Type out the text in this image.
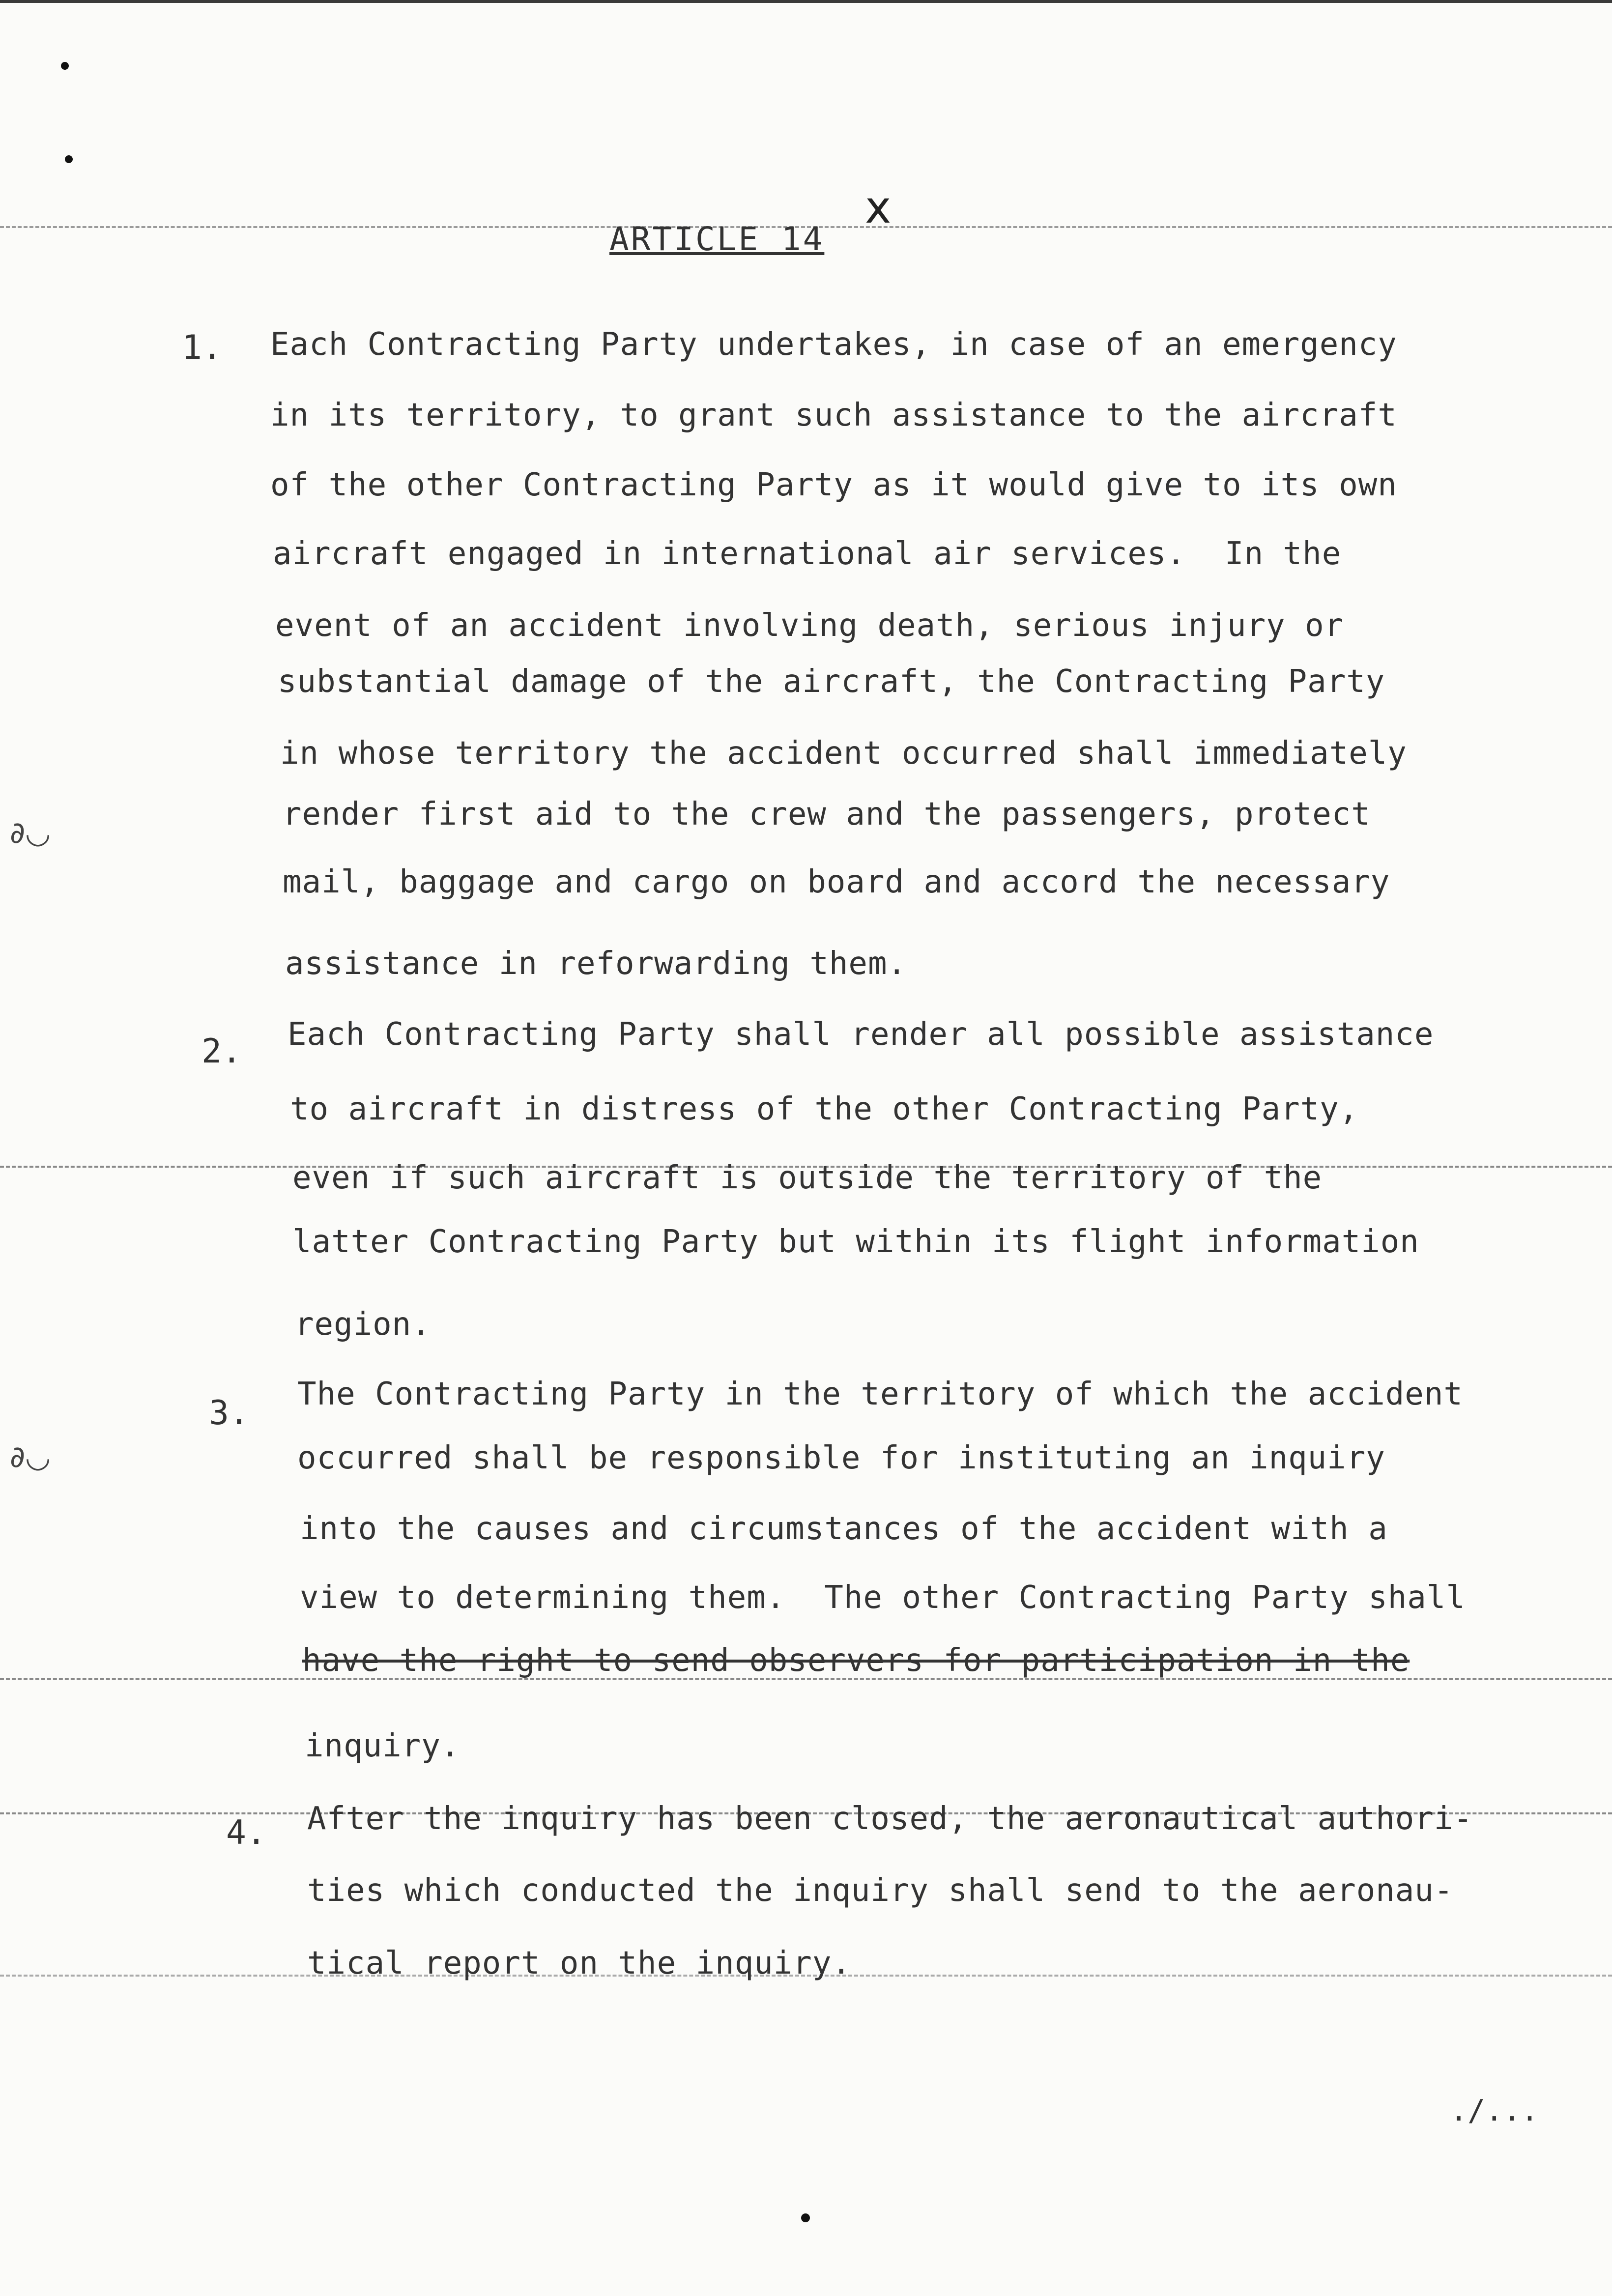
ARTICLE 14
x
∂◡
∂◡
1. Each Contracting Party undertakes, in case of an emergency
in its territory, to grant such assistance to the aircraft
of the other Contracting Party as it would give to its own
aircraft engaged in international air services.  In the
event of an accident involving death, serious injury or
substantial damage of the aircraft, the Contracting Party
in whose territory the accident occurred shall immediately
render first aid to the crew and the passengers, protect
mail, baggage and cargo on board and accord the necessary
assistance in reforwarding them.
2. Each Contracting Party shall render all possible assistance
to aircraft in distress of the other Contracting Party,
even if such aircraft is outside the territory of the
latter Contracting Party but within its flight information
region.
3. The Contracting Party in the territory of which the accident
occurred shall be responsible for instituting an inquiry
into the causes and circumstances of the accident with a
view to determining them.  The other Contracting Party shall
have the right to send observers for participation in the
inquiry.
4. After the inquiry has been closed, the aeronautical authori-
ties which conducted the inquiry shall send to the aeronau-
tical report on the inquiry.
./...
